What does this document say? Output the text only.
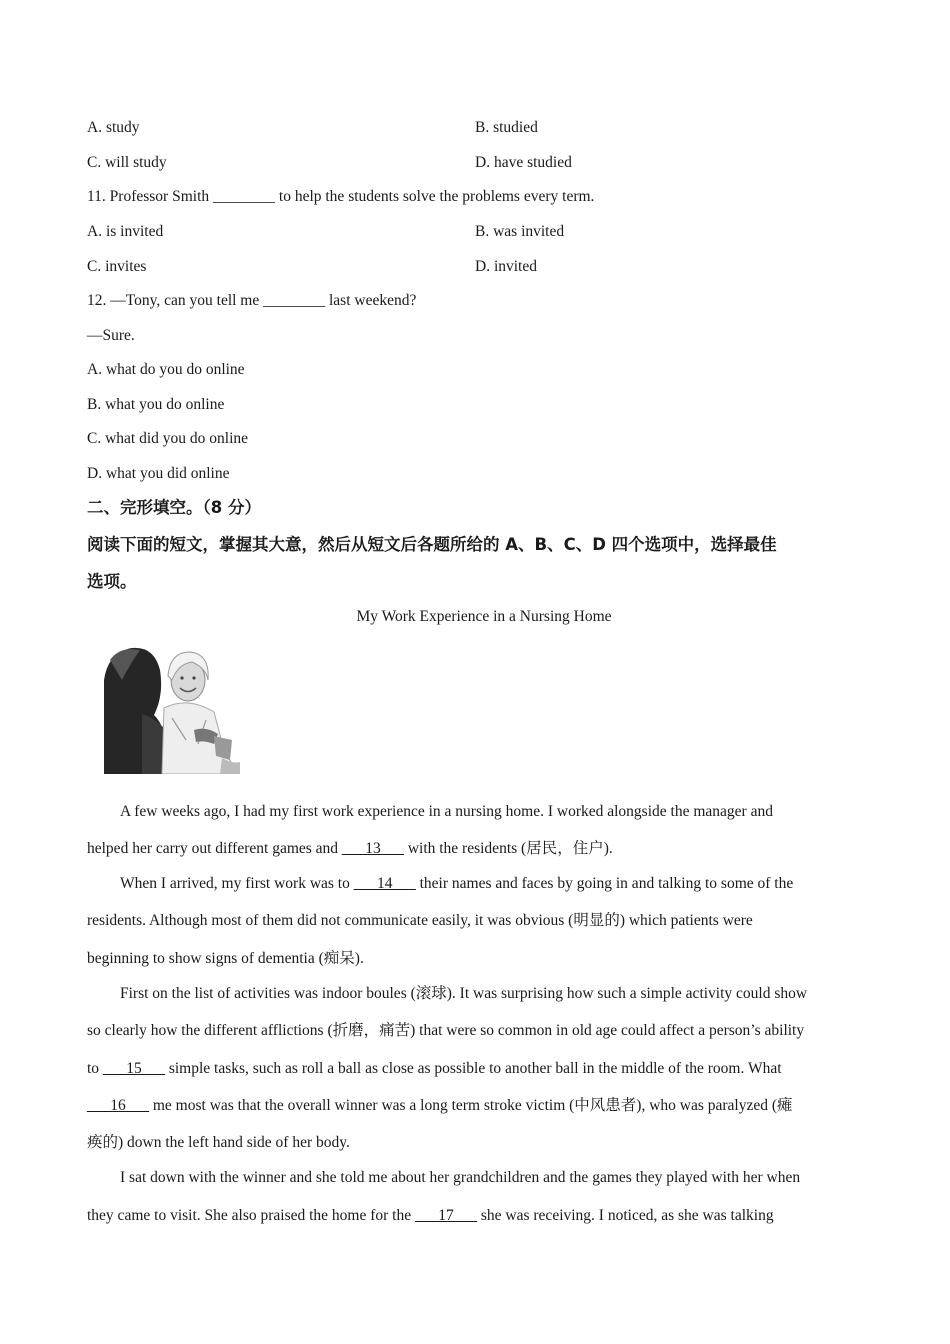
A. study	B. studied
C. will study	D. have studied
11. Professor Smith ________ to help the students solve the problems every term.
A. is invited	B. was invited
C. invites	D. invited
12. —Tony, can you tell me ________ last weekend?
—Sure.
A. what do you do online
B. what you do online
C. what did you do online
D. what you did online
二、完形填空。（8 分）
阅读下面的短文，掌握其大意，然后从短文后各题所给的 A、B、C、D 四个选项中，选择最佳
选项。
My Work Experience in a Nursing Home
A few weeks ago, I had my first work experience in a nursing home. I worked alongside the manager and
helped her carry out different games and ___13___ with the residents (居民，住户).
When I arrived, my first work was to ___14___ their names and faces by going in and talking to some of the
residents. Although most of them did not communicate easily, it was obvious (明显的) which patients were
beginning to show signs of dementia (痴呆).
First on the list of activities was indoor boules (滚球). It was surprising how such a simple activity could show
so clearly how the different afflictions (折磨，痛苦) that were so common in old age could affect a person’s ability
to ___15___ simple tasks, such as roll a ball as close as possible to another ball in the middle of the room. What
___16___ me most was that the overall winner was a long term stroke victim (中风患者), who was paralyzed (瘫
痪的) down the left hand side of her body.
I sat down with the winner and she told me about her grandchildren and the games they played with her when
they came to visit. She also praised the home for the ___17___ she was receiving. I noticed, as she was talking
